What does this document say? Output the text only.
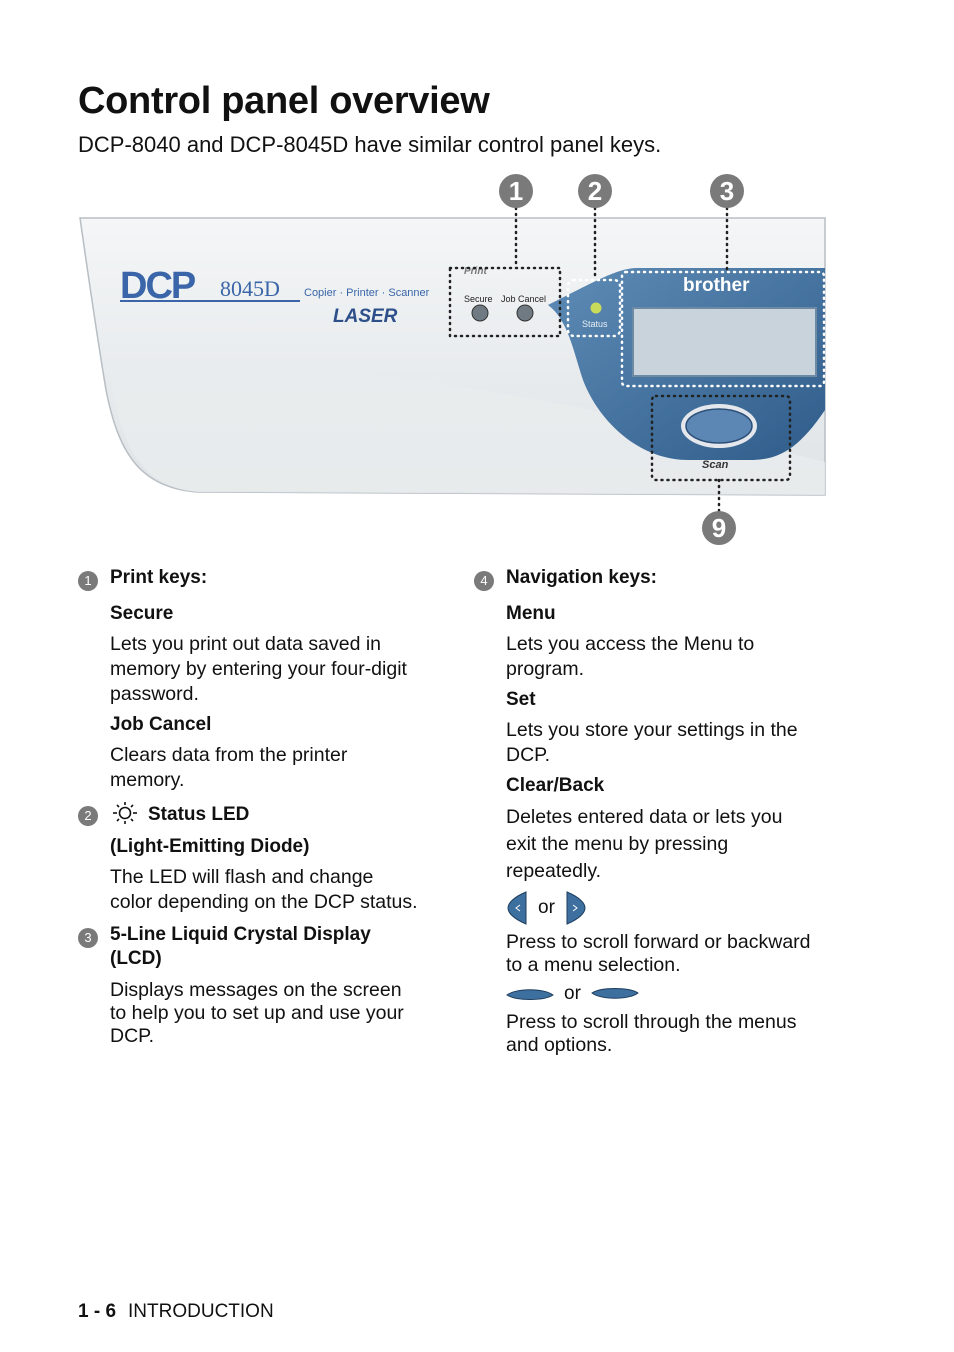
Control panel overview

DCP-8040 and DCP-8045D have similar control panel keys.

DCP 8045D Copier · Printer · Scanner
LASER
Print
Secure Job Cancel
Status
brother
Scan
1 2	3
9
1 Print keys:
Secure

Lets you print out data saved in memory by entering your four-digit password.

Job Cancel

Clears data from the printer memory.

2	Status LED
(Light-Emitting Diode)

The LED will flash and change color depending on the DCP status.

3 5-Line Liquid Crystal Display (LCD)

Displays messages on the screen to help you to set up and use your DCP.

4 Navigation keys:
Menu

Lets you access the Menu to program.

Set

Lets you store your settings in the DCP.

Clear/Back

Deletes entered data or lets you exit the menu by pressing repeatedly.

or

Press to scroll forward or backward to a menu selection.

or

Press to scroll through the menus and options.

1 - 6 INTRODUCTION
